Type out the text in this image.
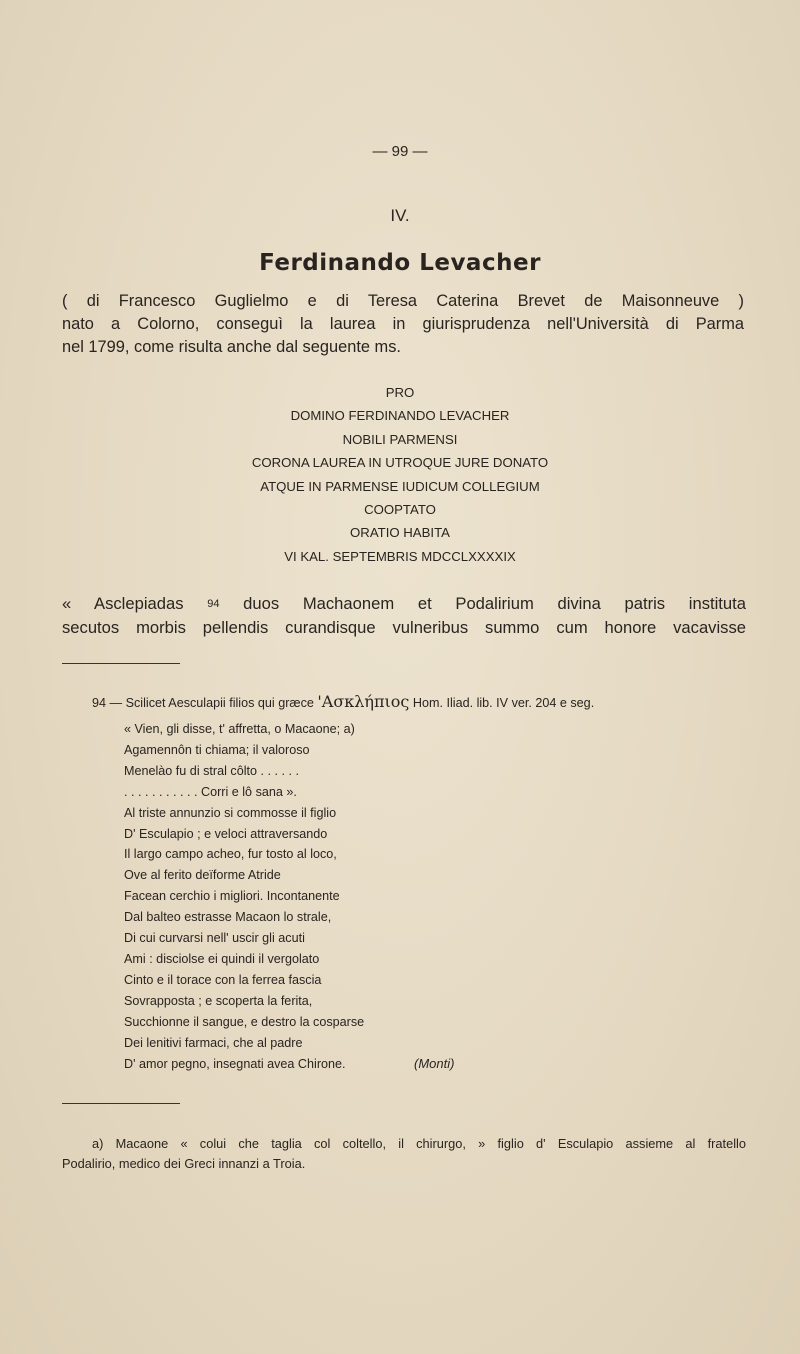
— 99 —
IV.
Ferdinando Levacher
( di Francesco Guglielmo e di Teresa Caterina Brevet de Maisonneuve )
nato a Colorno, conseguì la laurea in giurisprudenza nell'Università di Parma
nel 1799, come risulta anche dal seguente ms.
PRO
DOMINO FERDINANDO LEVACHER
NOBILI PARMENSI
CORONA LAUREA IN UTROQUE JURE DONATO
ATQUE IN PARMENSE IUDICUM COLLEGIUM
COOPTATO
ORATIO HABITA
VI KAL. SEPTEMBRIS MDCCLXXXXIX
« Asclepiadas 94 duos Machaonem et Podalirium divina patris instituta
secutos morbis pellendis curandisque vulneribus summo cum honore vacavisse
94 — Scilicet Aesculapii filios qui græce 'Ασκλήπιος Hom. Iliad. lib. IV ver. 204 e seg.
« Vien, gli disse, t' affretta, o Macaone; a)
Agamennôn ti chiama; il valoroso
Menelào fu di stral côlto . . . . . .
. . . . . . . . . . . Corri e lô sana ».
Al triste annunzio si commosse il figlio
D' Esculapio ; e veloci attraversando
Il largo campo acheo, fur tosto al loco,
Ove al ferito deïforme Atride
Facean cerchio i migliori. Incontanente
Dal balteo estrasse Macaon lo strale,
Di cui curvarsi nell' uscir gli acuti
Ami : disciolse ei quindi il vergolato
Cinto e il torace con la ferrea fascia
Sovrapposta ; e scoperta la ferita,
Succhionne il sangue, e destro la cosparse
Dei lenitivi farmaci, che al padre
D' amor pegno, insegnati avea Chirone.	(Monti)
a) Macaone « colui che taglia col coltello, il chirurgo, » figlio d' Esculapio assieme al fratello
Podalirio, medico dei Greci innanzi a Troia.
